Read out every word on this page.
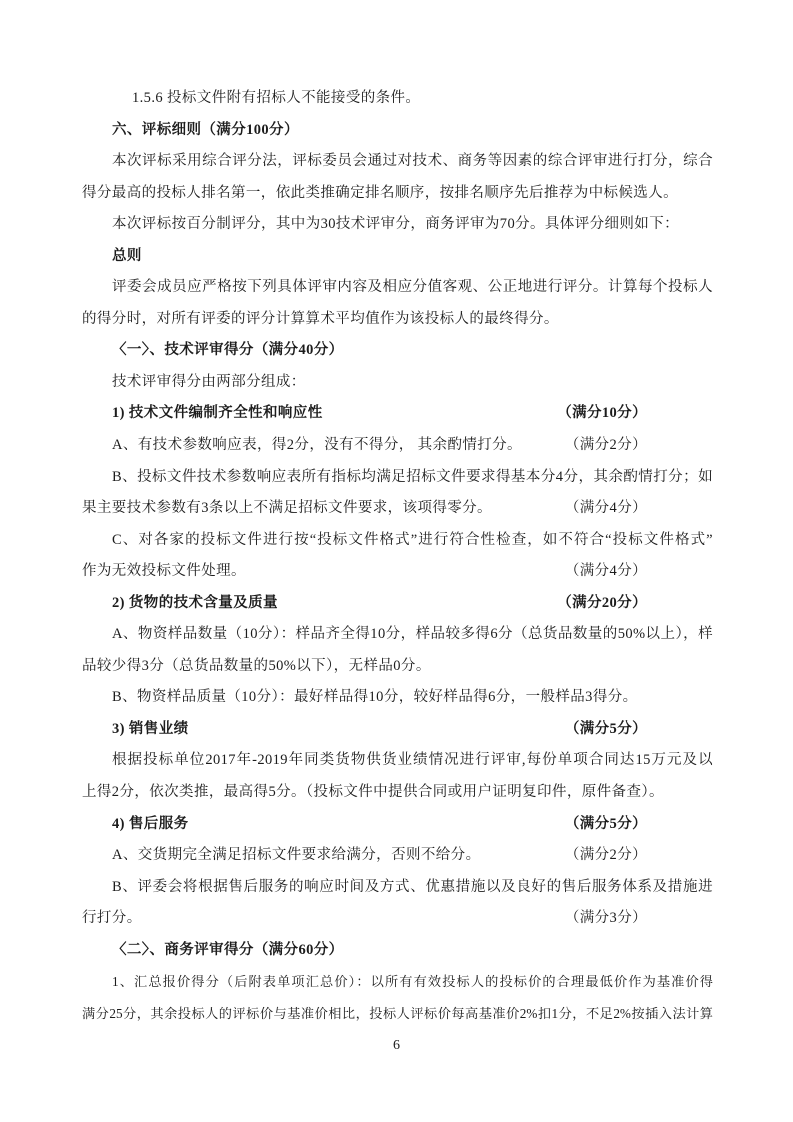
1.5.6 投标文件附有招标人不能接受的条件。
六、评标细则（满分100分）
本次评标采用综合评分法，评标委员会通过对技术、商务等因素的综合评审进行打分，综合
得分最高的投标人排名第一，依此类推确定排名顺序，按排名顺序先后推荐为中标候选人。
本次评标按百分制评分，其中为30技术评审分，商务评审为70分。具体评分细则如下：
总则
评委会成员应严格按下列具体评审内容及相应分值客观、公正地进行评分。计算每个投标人
的得分时，对所有评委的评分计算算术平均值作为该投标人的最终得分。
〈一〉、技术评审得分（满分40分）
技术评审得分由两部分组成：
1) 技术文件编制齐全性和响应性	（满分10分）
A、有技术参数响应表，得2分，没有不得分， 其余酌情打分。	（满分2分）
B、投标文件技术参数响应表所有指标均满足招标文件要求得基本分4分，其余酌情打分；如
果主要技术参数有3条以上不满足招标文件要求，该项得零分。	（满分4分）
C、对各家的投标文件进行按“投标文件格式”进行符合性检查，如不符合“投标文件格式”
作为无效投标文件处理。	（满分4分）
2) 货物的技术含量及质量	（满分20分）
A、物资样品数量（10分）：样品齐全得10分，样品较多得6分（总货品数量的50%以上），样
品较少得3分（总货品数量的50%以下），无样品0分。
B、物资样品质量（10分）：最好样品得10分，较好样品得6分，一般样品3得分。
3) 销售业绩	（满分5分）
根据投标单位2017年-2019年同类货物供货业绩情况进行评审,每份单项合同达15万元及以
上得2分，依次类推，最高得5分。（投标文件中提供合同或用户证明复印件，原件备查）。
4) 售后服务	（满分5分）
A、交货期完全满足招标文件要求给满分，否则不给分。	（满分2分）
B、评委会将根据售后服务的响应时间及方式、优惠措施以及良好的售后服务体系及措施进
行打分。	（满分3分）
〈二〉、商务评审得分（满分60分）
1、汇总报价得分（后附表单项汇总价）：以所有有效投标人的投标价的合理最低价作为基准价得
满分25分，其余投标人的评标价与基准价相比，投标人评标价每高基准价2%扣1分，不足2%按插入法计算
6
